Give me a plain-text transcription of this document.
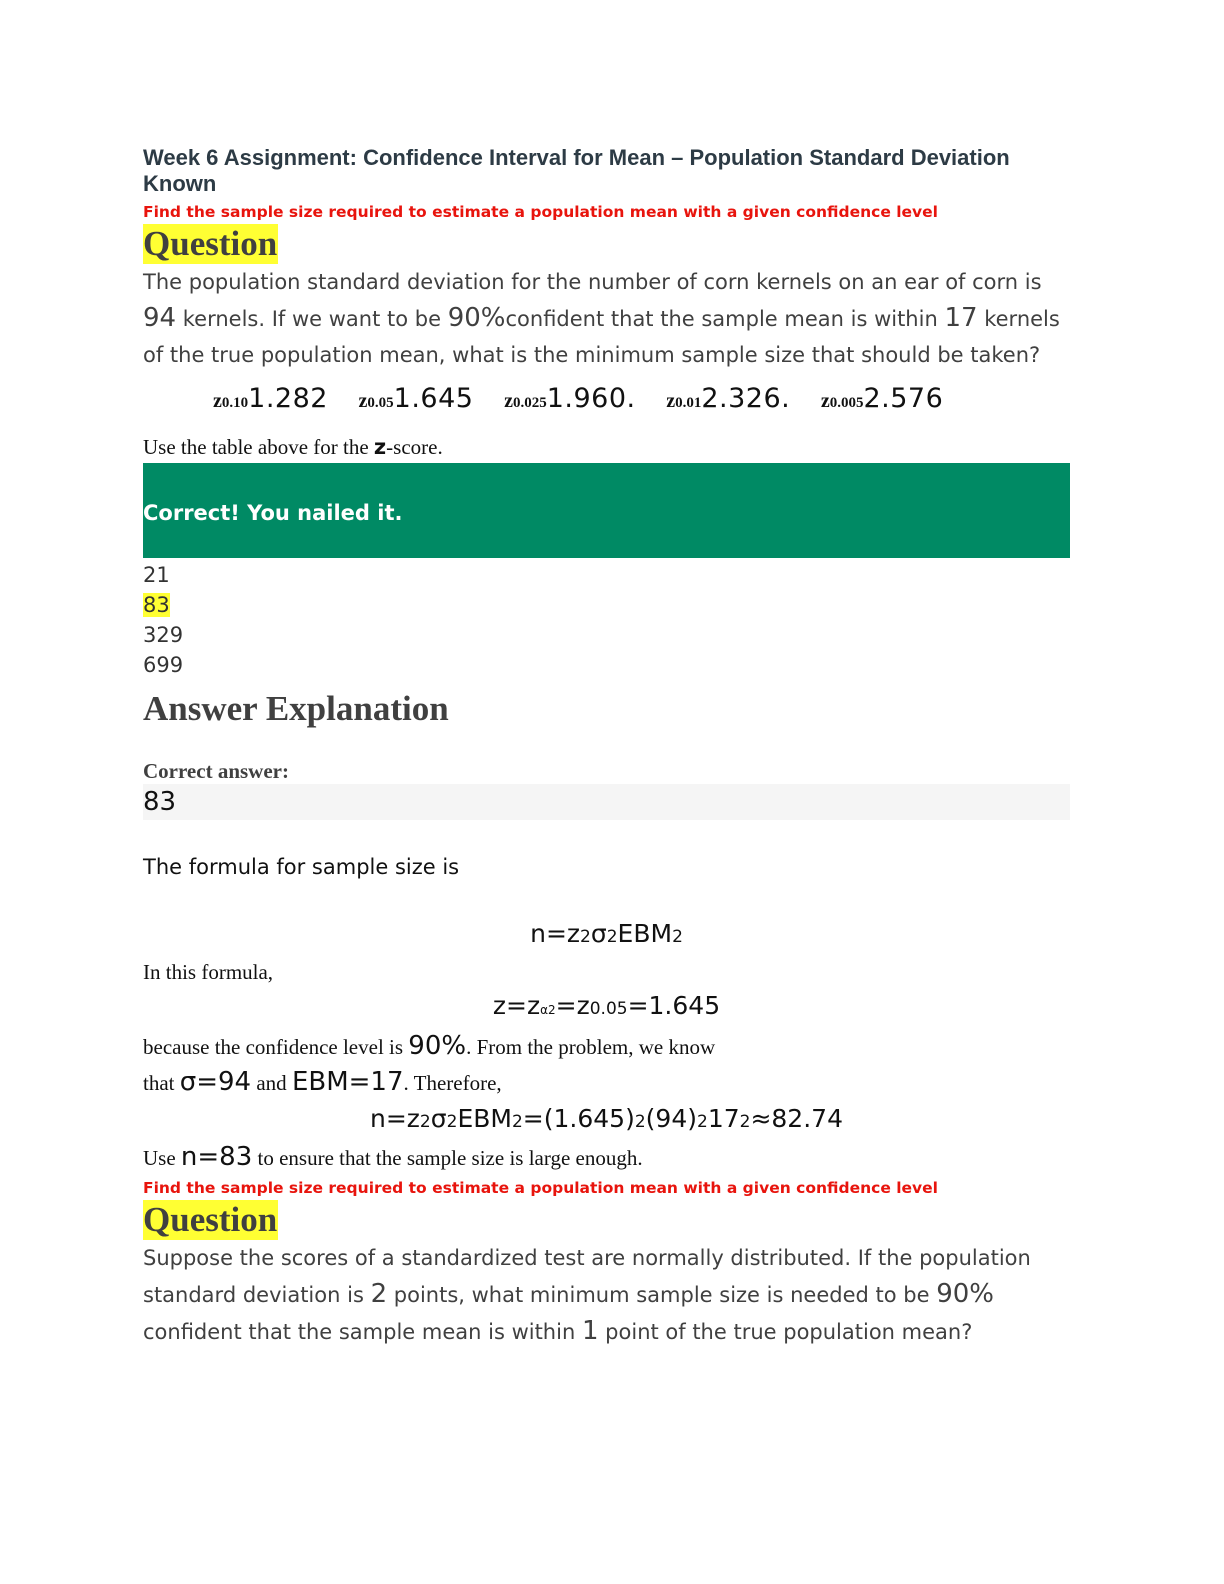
Week 6 Assignment: Confidence Interval for Mean – Population Standard Deviation Known
Find the sample size required to estimate a population mean with a given confidence level
Question

The population standard deviation for the number of corn kernels on an ear of corn is 94 kernels. If we want to be 90%confident that the sample mean is within 17 kernels of the true population mean, what is the minimum sample size that should be taken?

z0.101.282 z0.051.645 z0.0251.960. z0.012.326. z0.0052.576

Use the table above for the z-score.

Correct! You nailed it.
21
83
329
699
Answer Explanation
Correct answer:
83
The formula for sample size is
n=z2σ2EBM2
In this formula,
z=zα2=z0.05=1.645
because the confidence level is 90%. From the problem, we know
that σ=94 and EBM=17. Therefore,
n=z2σ2EBM2=(1.645)2(94)2172≈82.74
Use n=83 to ensure that the sample size is large enough.
Find the sample size required to estimate a population mean with a given confidence level
Question

Suppose the scores of a standardized test are normally distributed. If the population standard deviation is 2 points, what minimum sample size is needed to be 90% confident that the sample mean is within 1 point of the true population mean?
